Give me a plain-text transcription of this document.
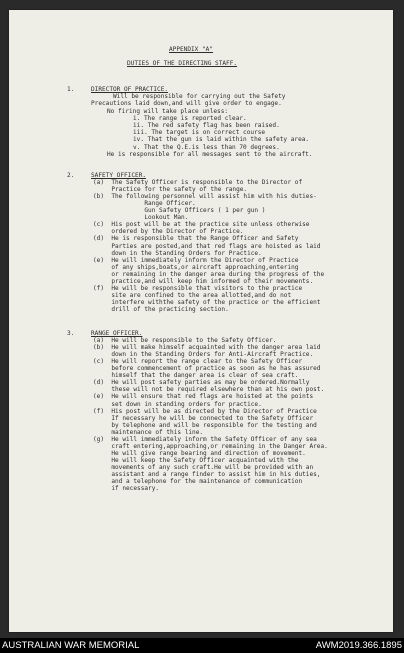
APPENDIX "A"
DUTIES OF THE DIRECTING STAFF.
1.	DIRECTOR OF PRACTICE.
Will be responsible for carrying out the Safety
Precautions laid down,and will give order to engage.
No firing will take place unless:
i. The range is reported clear.
ii. The red safety flag has been raised.
iii. The target is on correct course
iv. That the gun is laid within the safety area.
v. That the Q.E.is less than 70 degrees.
He is responsible for all messages sent to the aircraft.
2.	SAFETY OFFICER.
(a)  The Safety Officer is responsible to the Director of
Practice for the safety of the range.
(b)  The following personnel will assist him with his duties-
Range Officer.
Gun Safety Officers ( 1 per gun )
Lookout Man.
(c)  His post will be at the practice site unless otherwise
ordered by the Director of Practice.
(d)  He is responsible that the Range Officer and Safety
Parties are posted,and that red flags are hoisted as laid
down in the Standing Orders for Practice.
(e)  He will immediately inform the Director of Practice
of any ships,boats,or aircraft approaching,entering
or remaining in the danger area during the progress of the
practice,and will keep him informed of their movements.
(f)  He will be responsible that visitors to the practice
site are confined to the area allotted,and do not
interfere withthe safety of the practice or the efficient
drill of the practicing section.
3.	RANGE OFFICER.
(a)  He will be responsible to the Safety Officer.
(b)  He will make himself acquainted with the danger area laid
down in the Standing Orders for Anti-Aircraft Practice.
(c)  He will report the range clear to the Safety Officer
before commencement of practice as soon as he has assured
himself that the danger area is clear of sea craft.
(d)  He will post safety parties as may be ordered.Normally
these will not be required elsewhere than at his own post.
(e)  He will ensure that red flags are hoisted at the points
set down in standing orders for practice.
(f)  His post will be as directed by the Director of Practice
If necessary he will be connected to the Safety Officer
by telephone and will be responsible for the testing and
maintenance of this line.
(g)  He will immediately inform the Safety Officer of any sea
craft entering,approaching,or remaining in the Danger Area.
He will give range bearing and direction of movement.
He will keep the Safety Officer acquainted with the
movements of any such craft.He will be provided with an
assistant and a range finder to assist him in his duties,
and a telephone for the maintenance of communication
if necessary.
AUSTRALIAN WAR MEMORIAL	AWM2019.366.1895
